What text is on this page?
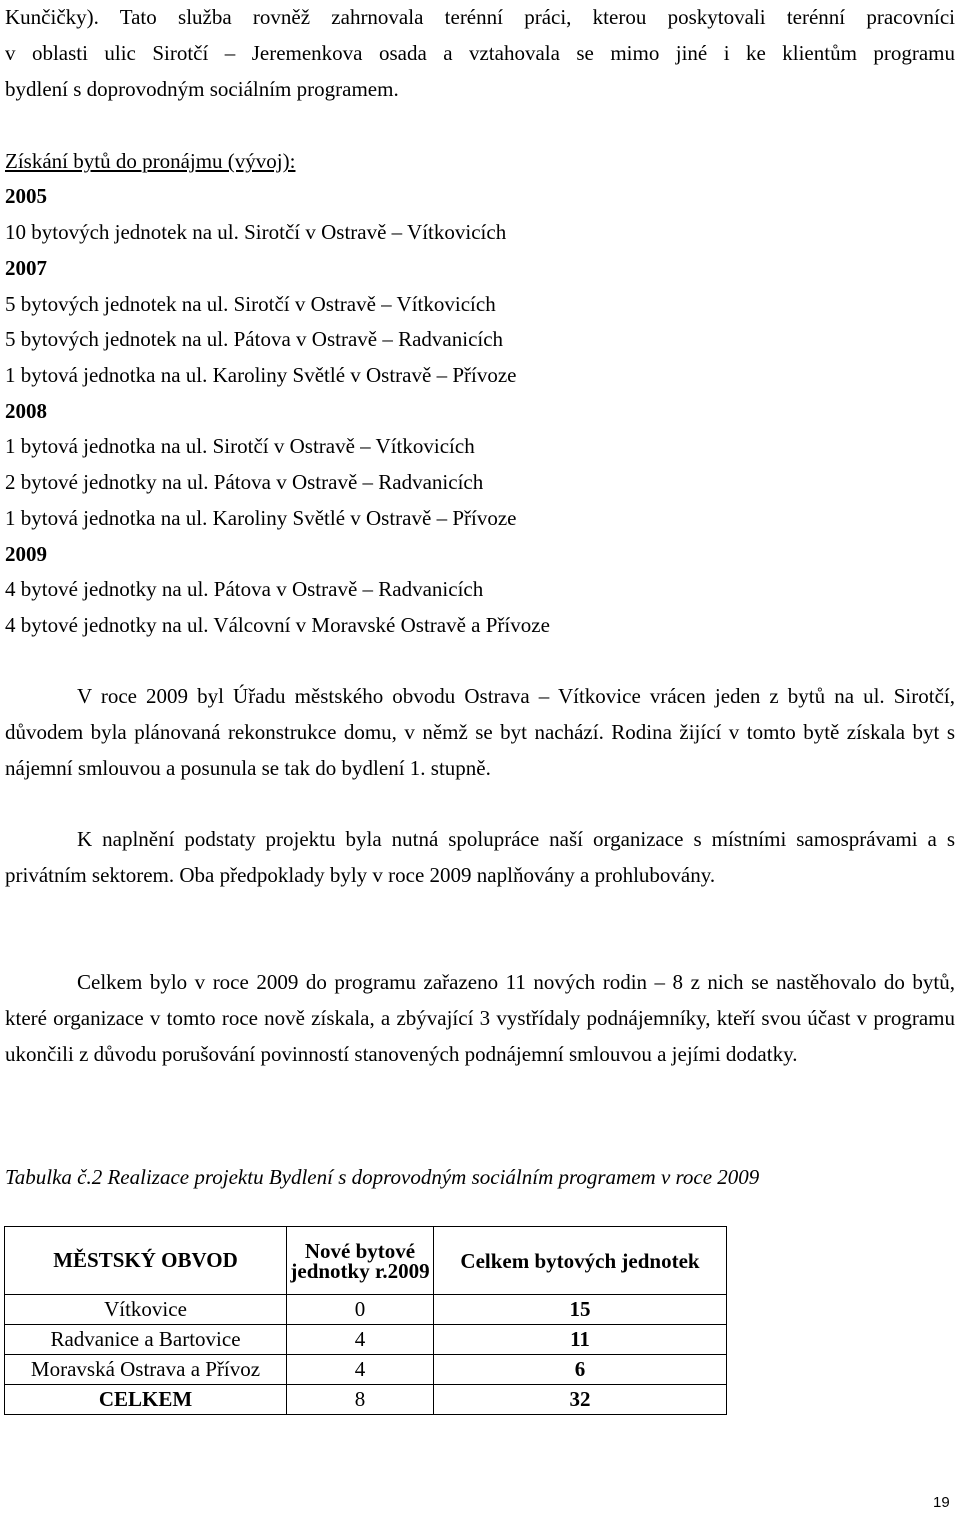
Kunčičky). Tato služba rovněž zahrnovala terénní práci, kterou poskytovali terénní pracovníci
v oblasti ulic Sirotčí – Jeremenkova osada a vztahovala se mimo jiné i ke klientům programu
bydlení s doprovodným sociálním programem.
Získání bytů do pronájmu (vývoj):
2005
10 bytových jednotek na ul. Sirotčí v Ostravě – Vítkovicích
2007
5 bytových jednotek na ul. Sirotčí v Ostravě – Vítkovicích
5 bytových jednotek na ul. Pátova v Ostravě – Radvanicích
1 bytová jednotka na ul. Karoliny Světlé v Ostravě – Přívoze
2008
1 bytová jednotka na ul. Sirotčí v Ostravě – Vítkovicích
2 bytové jednotky na ul. Pátova v Ostravě – Radvanicích
1 bytová jednotka na ul. Karoliny Světlé v Ostravě – Přívoze
2009
4 bytové jednotky na ul. Pátova v Ostravě – Radvanicích
4 bytové jednotky na ul. Válcovní v Moravské Ostravě a Přívoze
V roce 2009 byl Úřadu městského obvodu Ostrava – Vítkovice vrácen jeden z bytů na ul. Sirotčí, důvodem byla plánovaná rekonstrukce domu, v němž se byt nachází. Rodina žijící v tomto bytě získala byt s nájemní smlouvou a posunula se tak do bydlení 1. stupně.
K naplnění podstaty projektu byla nutná spolupráce naší organizace s místními samosprávami a s privátním sektorem. Oba předpoklady byly v roce 2009 naplňovány a prohlubovány.
Celkem bylo v roce 2009 do programu zařazeno 11 nových rodin – 8 z nich se nastěhovalo do bytů, které organizace v tomto roce nově získala, a zbývající 3 vystřídaly podnájemníky, kteří svou účast v programu ukončili z důvodu porušování povinností stanovených podnájemní smlouvou a jejími dodatky.
Tabulka č.2 Realizace projektu Bydlení s doprovodným sociálním programem v roce 2009
MĚSTSKÝ OBVOD	Nové bytové jednotky r.2009	Celkem bytových jednotek
Vítkovice	0	15
Radvanice a Bartovice	4	11
Moravská Ostrava a Přívoz	4	6
CELKEM	8	32
19
